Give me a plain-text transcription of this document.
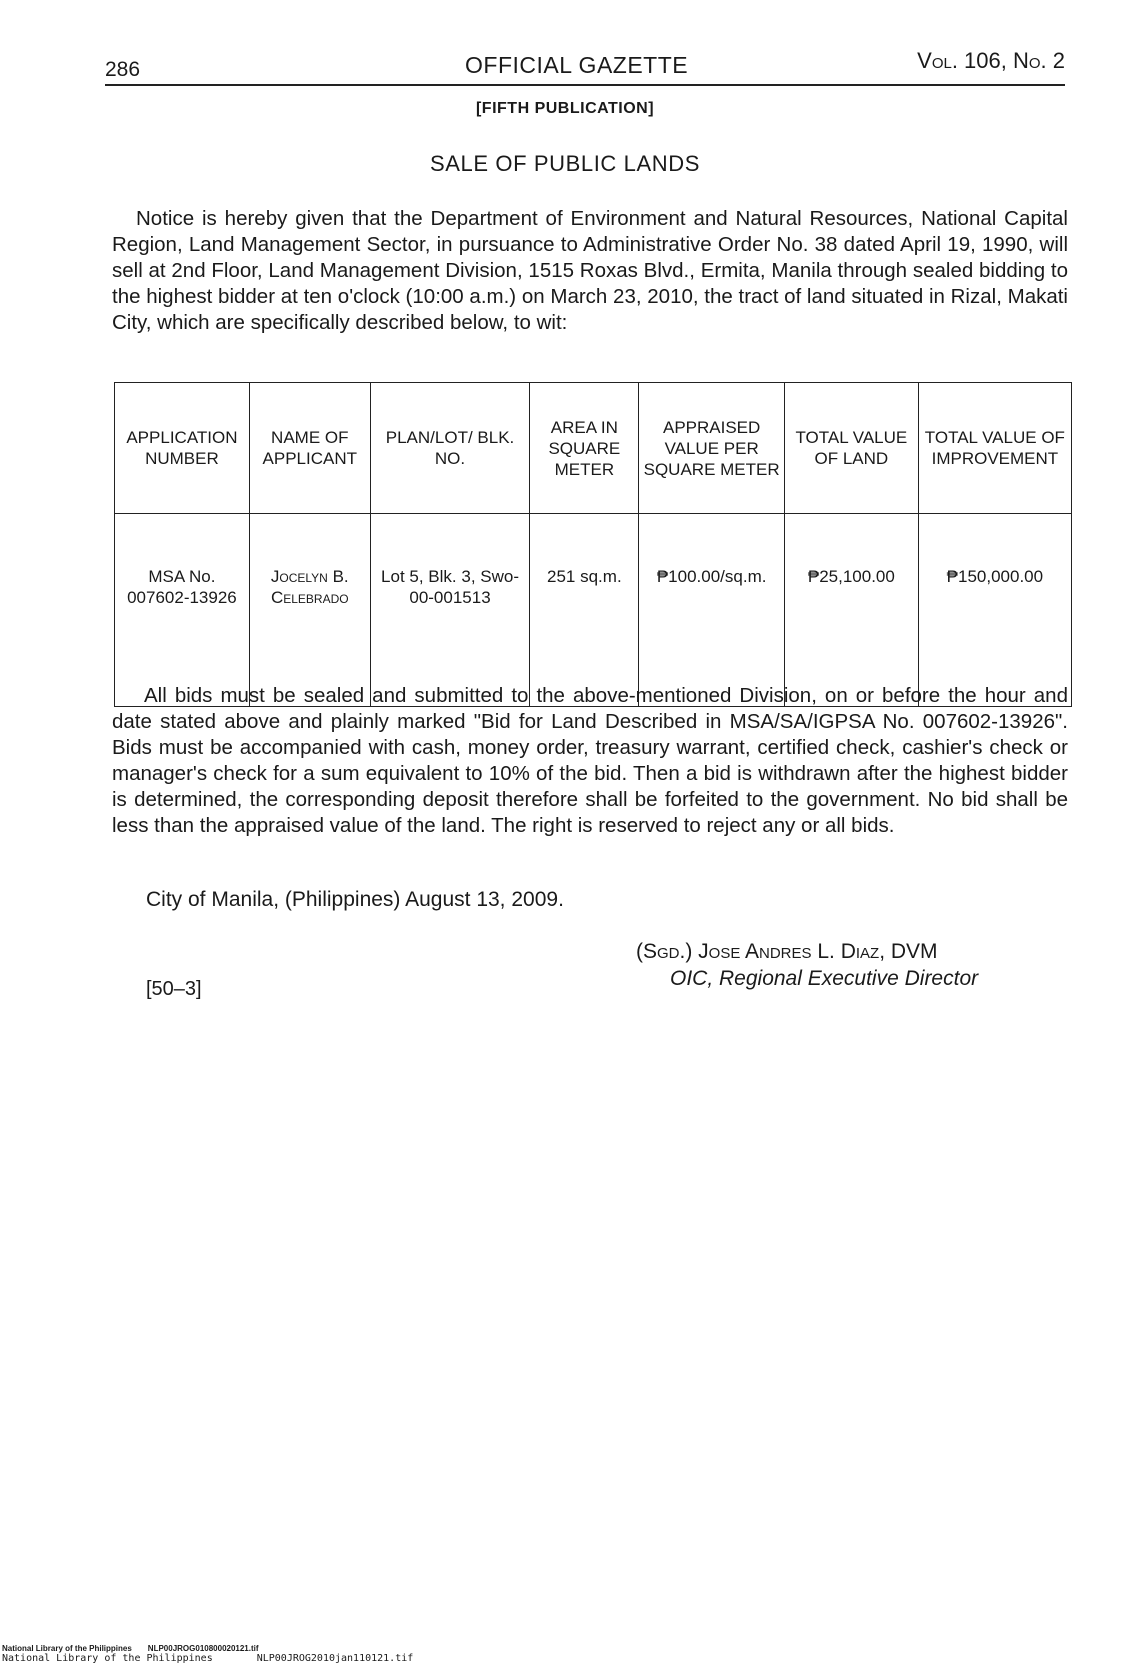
286	OFFICIAL GAZETTE	Vol. 106, No. 2
[FIFTH PUBLICATION]
SALE OF PUBLIC LANDS
Notice is hereby given that the Department of Environment and Natural Resources, National Capital Region, Land Management Sector, in pursuance to Administrative Order No. 38 dated April 19, 1990, will sell at 2nd Floor, Land Management Division, 1515 Roxas Blvd., Ermita, Manila through sealed bidding to the highest bidder at ten o'clock (10:00 a.m.) on March 23, 2010, the tract of land situated in Rizal, Makati City, which are specifically described below, to wit:
APPLICATION NUMBER	NAME OF APPLICANT	PLAN/LOT/ BLK. NO.	AREA IN SQUARE METER	APPRAISED VALUE PER SQUARE METER	TOTAL VALUE OF LAND	TOTAL VALUE OF IMPROVEMENT
MSA No. 007602-13926	Jocelyn B. Celebrado	Lot 5, Blk. 3, Swo-00-001513	251 sq.m.	₱100.00/sq.m.	₱25,100.00	₱150,000.00
All bids must be sealed and submitted to the above-mentioned Division, on or before the hour and date stated above and plainly marked "Bid for Land Described in MSA/SA/IGPSA No. 007602-13926". Bids must be accompanied with cash, money order, treasury warrant, certified check, cashier's check or manager's check for a sum equivalent to 10% of the bid. Then a bid is withdrawn after the highest bidder is determined, the corresponding deposit therefore shall be forfeited to the government. No bid shall be less than the appraised value of the land. The right is reserved to reject any or all bids.
City of Manila, (Philippines) August 13, 2009.
(Sgd.) Jose Andres L. Diaz, DVM
OIC, Regional Executive Director
[50–3]
National Library of the Philippines NLP00JROG010800020121.tif
National Library of the Philippines	NLP00JROG2010jan110121.tif
